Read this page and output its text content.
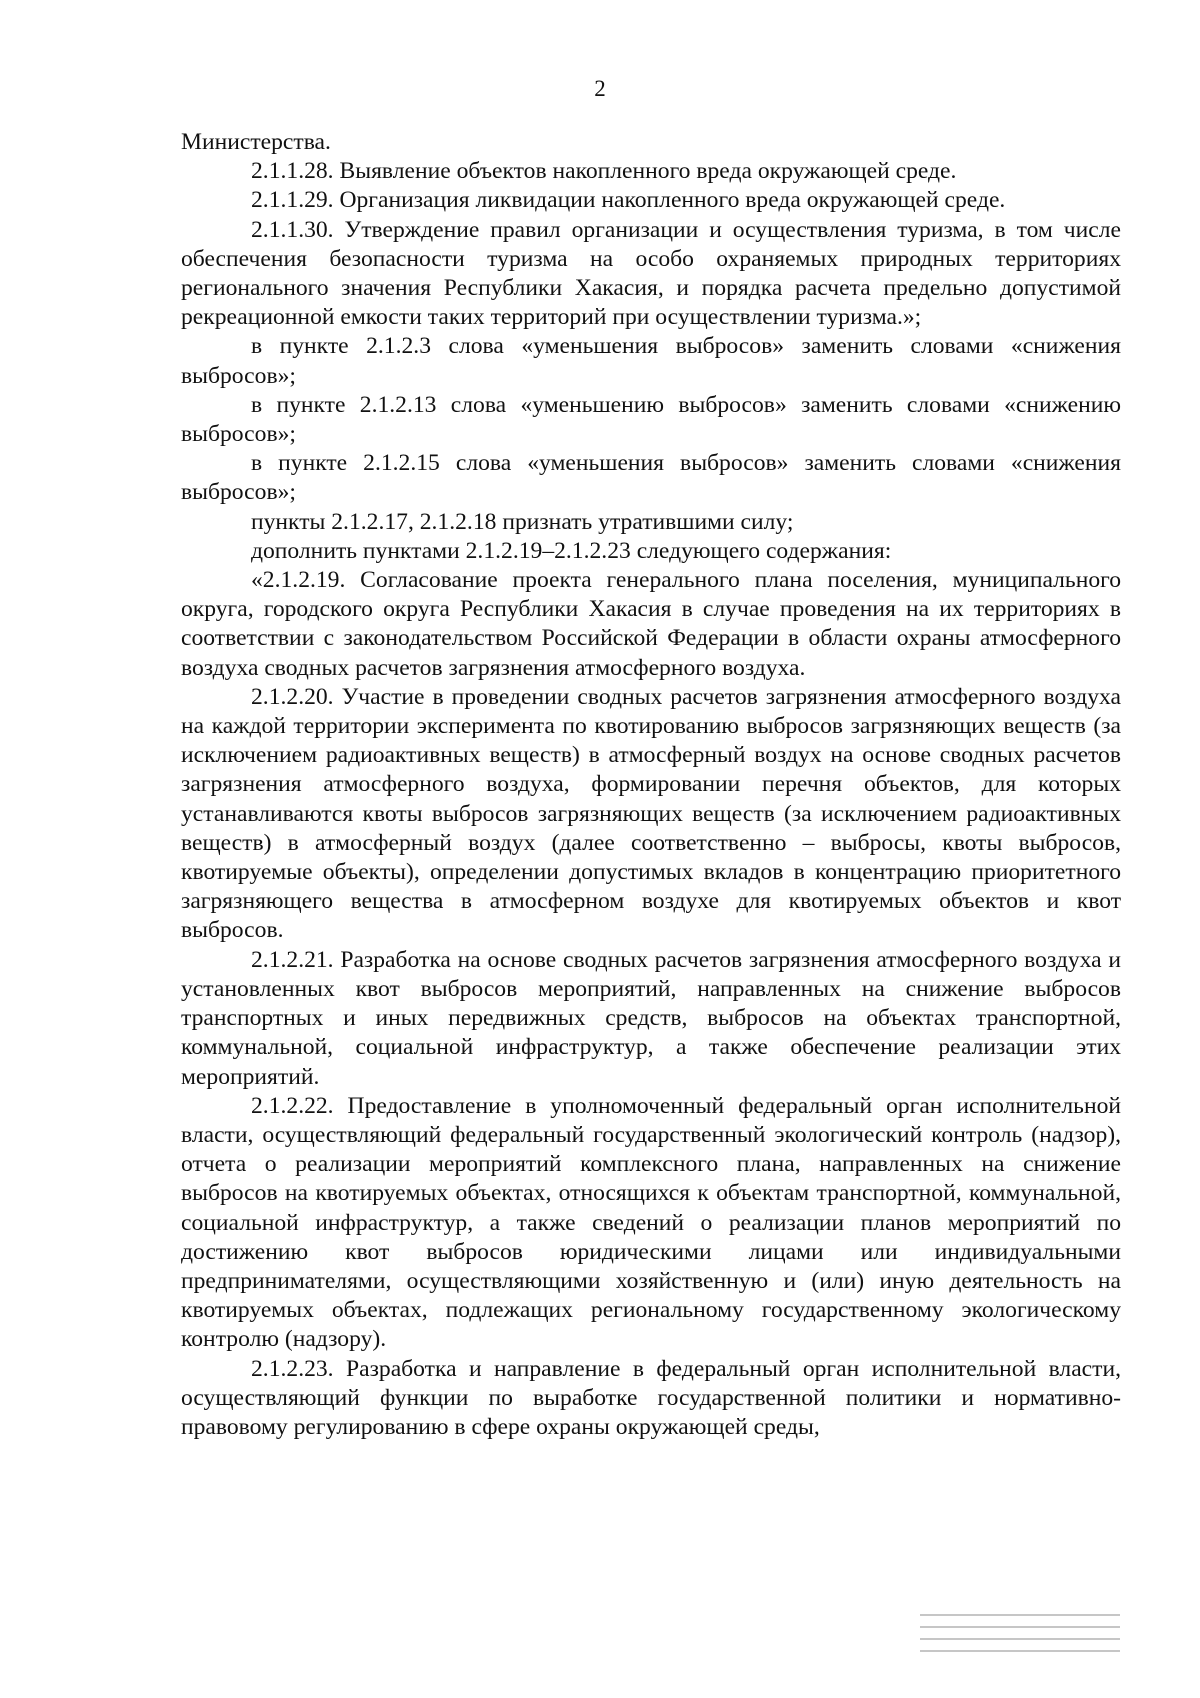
2

Министерства.

2.1.1.28. Выявление объектов накопленного вреда окружающей среде.

2.1.1.29. Организация ликвидации накопленного вреда окружающей среде.

2.1.1.30. Утверждение правил организации и осуществления туризма, в том числе обеспечения безопасности туризма на особо охраняемых природных территориях регионального значения Республики Хакасия, и порядка расчета предельно допустимой рекреационной емкости таких территорий при осуществлении туризма.»;

в пункте 2.1.2.3 слова «уменьшения выбросов» заменить словами «снижения выбросов»;

в пункте 2.1.2.13 слова «уменьшению выбросов» заменить словами «снижению выбросов»;

в пункте 2.1.2.15 слова «уменьшения выбросов» заменить словами «снижения выбросов»;

пункты 2.1.2.17, 2.1.2.18 признать утратившими силу;

дополнить пунктами 2.1.2.19–2.1.2.23 следующего содержания:

«2.1.2.19. Согласование проекта генерального плана поселения, муниципального округа, городского округа Республики Хакасия в случае проведения на их территориях в соответствии с законодательством Российской Федерации в области охраны атмосферного воздуха сводных расчетов загрязнения атмосферного воздуха.

2.1.2.20. Участие в проведении сводных расчетов загрязнения атмосферного воздуха на каждой территории эксперимента по квотированию выбросов загрязняющих веществ (за исключением радиоактивных веществ) в атмосферный воздух на основе сводных расчетов загрязнения атмосферного воздуха, формировании перечня объектов, для которых устанавливаются квоты выбросов загрязняющих веществ (за исключением радиоактивных веществ) в атмосферный воздух (далее соответственно – выбросы, квоты выбросов, квотируемые объекты), определении допустимых вкладов в концентрацию приоритетного загрязняющего вещества в атмосферном воздухе для квотируемых объектов и квот выбросов.

2.1.2.21. Разработка на основе сводных расчетов загрязнения атмосферного воздуха и установленных квот выбросов мероприятий, направленных на снижение выбросов транспортных и иных передвижных средств, выбросов на объектах транспортной, коммунальной, социальной инфраструктур, а также обеспечение реализации этих мероприятий.

2.1.2.22. Предоставление в уполномоченный федеральный орган исполнительной власти, осуществляющий федеральный государственный экологический контроль (надзор), отчета о реализации мероприятий комплексного плана, направленных на снижение выбросов на квотируемых объектах, относящихся к объектам транспортной, коммунальной, социальной инфраструктур, а также сведений о реализации планов мероприятий по достижению квот выбросов юридическими лицами или индивидуальными предпринимателями, осуществляющими хозяйственную и (или) иную деятельность на квотируемых объектах, подлежащих региональному государственному экологическому контролю (надзору).

2.1.2.23. Разработка и направление в федеральный орган исполнительной власти, осуществляющий функции по выработке государственной политики и нормативно-правовому регулированию в сфере охраны окружающей среды,
